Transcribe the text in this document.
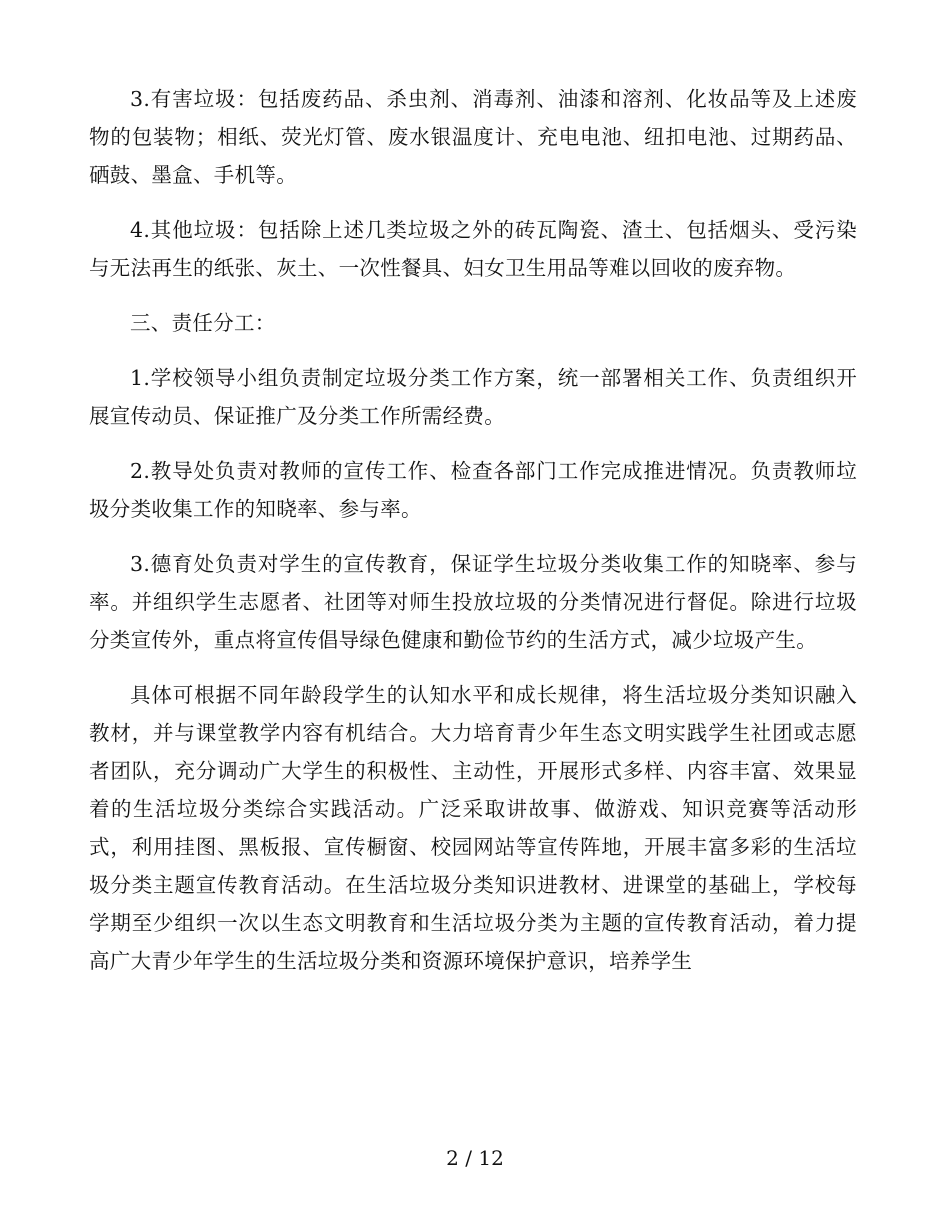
3.有害垃圾：包括废药品、杀虫剂、消毒剂、油漆和溶剂、化妆品等及上述废物的包装物；相纸、荧光灯管、废水银温度计、充电电池、纽扣电池、过期药品、硒鼓、墨盒、手机等。

4.其他垃圾：包括除上述几类垃圾之外的砖瓦陶瓷、渣土、包括烟头、受污染与无法再生的纸张、灰土、一次性餐具、妇女卫生用品等难以回收的废弃物。

三、责任分工：

1.学校领导小组负责制定垃圾分类工作方案，统一部署相关工作、负责组织开展宣传动员、保证推广及分类工作所需经费。

2.教导处负责对教师的宣传工作、检查各部门工作完成推进情况。负责教师垃圾分类收集工作的知晓率、参与率。

3.德育处负责对学生的宣传教育，保证学生垃圾分类收集工作的知晓率、参与率。并组织学生志愿者、社团等对师生投放垃圾的分类情况进行督促。除进行垃圾分类宣传外，重点将宣传倡导绿色健康和勤俭节约的生活方式，减少垃圾产生。

具体可根据不同年龄段学生的认知水平和成长规律，将生活垃圾分类知识融入教材，并与课堂教学内容有机结合。大力培育青少年生态文明实践学生社团或志愿者团队，充分调动广大学生的积极性、主动性，开展形式多样、内容丰富、效果显着的生活垃圾分类综合实践活动。广泛采取讲故事、做游戏、知识竞赛等活动形式，利用挂图、黑板报、宣传橱窗、校园网站等宣传阵地，开展丰富多彩的生活垃圾分类主题宣传教育活动。在生活垃圾分类知识进教材、进课堂的基础上，学校每学期至少组织一次以生态文明教育和生活垃圾分类为主题的宣传教育活动，着力提高广大青少年学生的生活垃圾分类和资源环境保护意识，培养学生

2 / 12
